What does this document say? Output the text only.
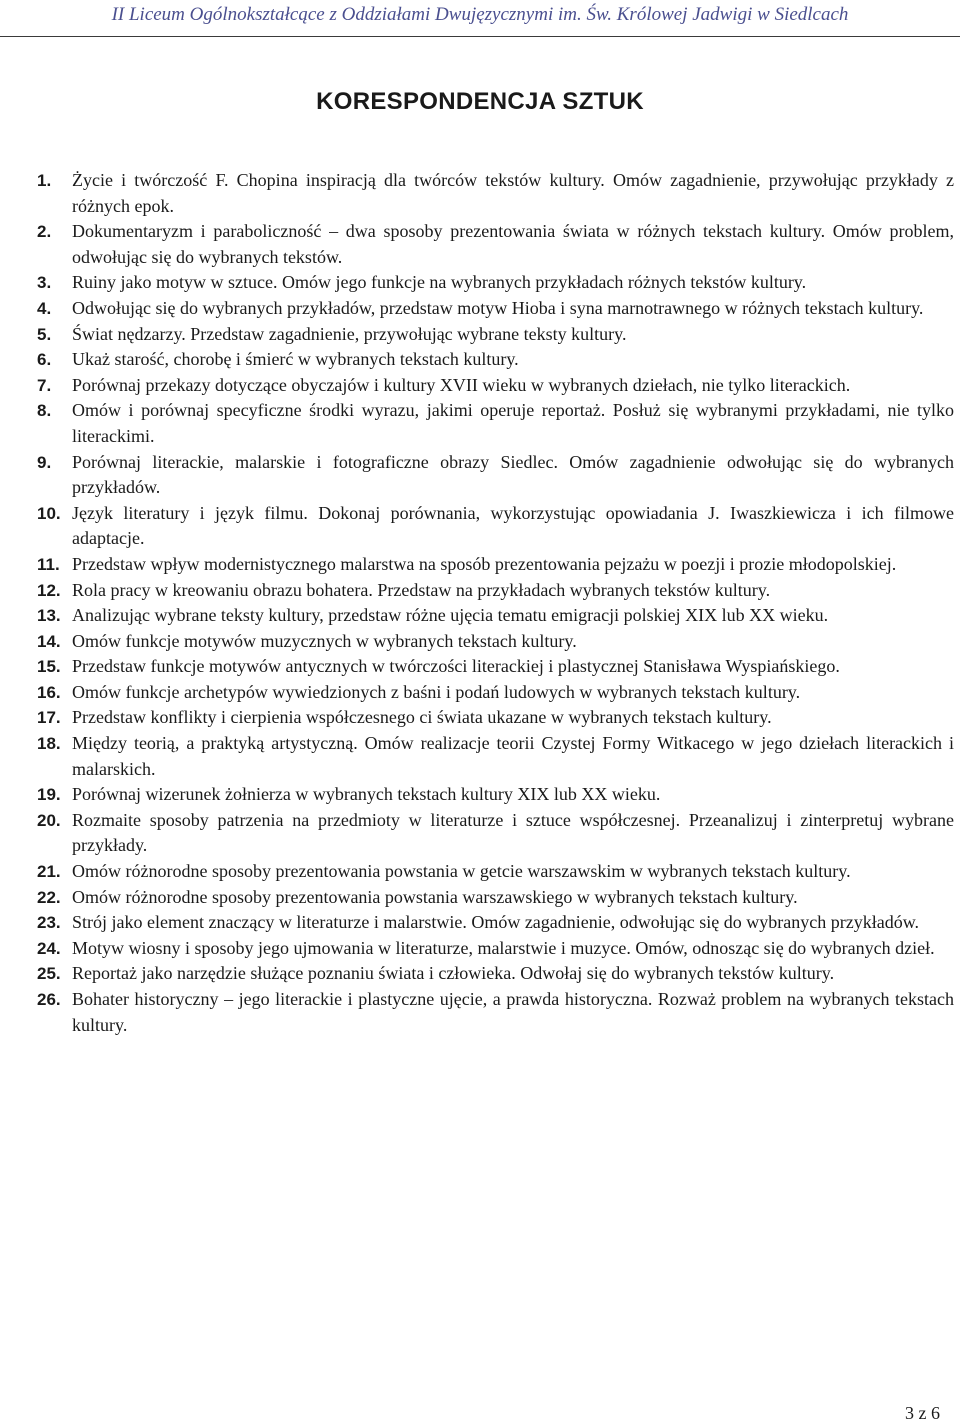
II Liceum Ogólnokształcące z Oddziałami Dwujęzycznymi im. Św. Królowej Jadwigi w Siedlcach
KORESPONDENCJA SZTUK
1.	Życie i twórczość F. Chopina inspiracją dla twórców tekstów kultury. Omów zagadnienie, przywołując przykłady z różnych epok.
2.	Dokumentaryzm i paraboliczność – dwa sposoby prezentowania świata w różnych tekstach kultury. Omów problem, odwołując się do wybranych tekstów.
3.	Ruiny jako motyw w sztuce. Omów jego funkcje na wybranych przykładach różnych tekstów kultury.
4.	Odwołując się do wybranych przykładów, przedstaw motyw Hioba i syna marnotrawnego w różnych tekstach kultury.
5.	Świat nędzarzy. Przedstaw zagadnienie, przywołując wybrane teksty kultury.
6.	Ukaż starość, chorobę i śmierć w wybranych tekstach kultury.
7.	Porównaj przekazy dotyczące obyczajów i kultury XVII wieku w wybranych dziełach, nie tylko literackich.
8.	Omów i porównaj specyficzne środki wyrazu, jakimi operuje reportaż. Posłuż się wybranymi przykładami, nie tylko literackimi.
9.	Porównaj literackie, malarskie i fotograficzne obrazy Siedlec. Omów zagadnienie odwołując się do wybranych przykładów.
10. Język literatury i język filmu. Dokonaj porównania, wykorzystując opowiadania J. Iwaszkiewicza i ich filmowe adaptacje.
11. Przedstaw wpływ modernistycznego malarstwa na sposób prezentowania pejzażu w poezji i prozie młodopolskiej.
12. Rola pracy w kreowaniu obrazu bohatera. Przedstaw na przykładach wybranych tekstów kultury.
13. Analizując wybrane teksty kultury, przedstaw różne ujęcia tematu emigracji polskiej XIX lub XX wieku.
14. Omów funkcje motywów muzycznych w wybranych tekstach kultury.
15. Przedstaw funkcje motywów antycznych w twórczości literackiej i plastycznej Stanisława Wyspiańskiego.
16. Omów funkcje archetypów wywiedzionych z baśni i podań ludowych w wybranych tekstach kultury.
17. Przedstaw konflikty i cierpienia współczesnego ci świata ukazane w wybranych tekstach kultury.
18. Między teorią, a praktyką artystyczną. Omów realizacje teorii Czystej Formy Witkacego w jego dziełach literackich i malarskich.
19. Porównaj wizerunek żołnierza w wybranych tekstach kultury XIX lub XX wieku.
20. Rozmaite sposoby patrzenia na przedmioty w literaturze i sztuce współczesnej. Przeanalizuj i zinterpretuj wybrane przykłady.
21. Omów różnorodne sposoby prezentowania powstania w getcie warszawskim w wybranych tekstach kultury.
22. Omów różnorodne sposoby prezentowania powstania warszawskiego w wybranych tekstach kultury.
23. Strój jako element znaczący w literaturze i malarstwie. Omów zagadnienie, odwołując się do wybranych przykładów.
24. Motyw wiosny i sposoby jego ujmowania w literaturze, malarstwie i muzyce. Omów, odnosząc się do wybranych dzieł.
25. Reportaż jako narzędzie służące poznaniu świata i człowieka. Odwołaj się do wybranych tekstów kultury.
26. Bohater historyczny – jego literackie i plastyczne ujęcie, a prawda historyczna. Rozważ problem na wybranych tekstach kultury.
3 z 6
